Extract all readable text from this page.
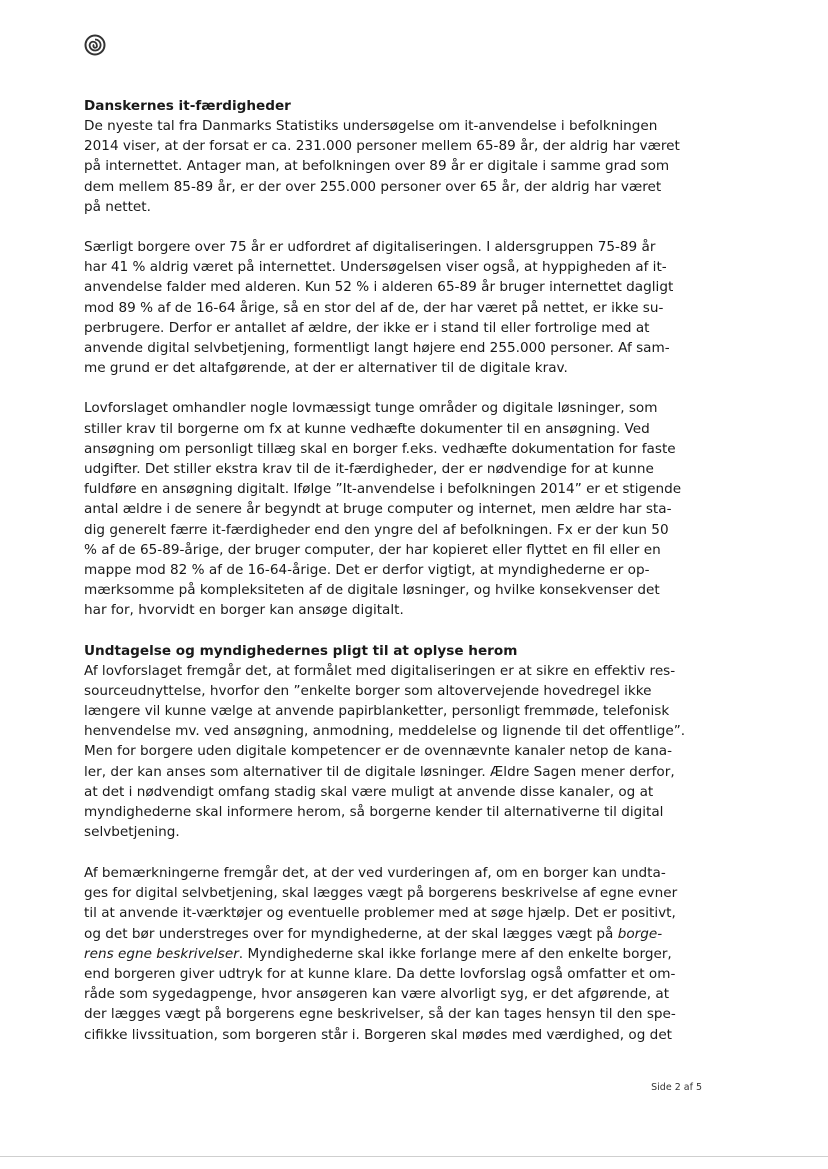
Danskernes it-færdigheder

De nyeste tal fra Danmarks Statistiks undersøgelse om it-anvendelse i befolkningen
2014 viser, at der forsat er ca. 231.000 personer mellem 65-89 år, der aldrig har været
på internettet. Antager man, at befolkningen over 89 år er digitale i samme grad som
dem mellem 85-89 år, er der over 255.000 personer over 65 år, der aldrig har været
på nettet.

Særligt borgere over 75 år er udfordret af digitaliseringen. I aldersgruppen 75-89 år
har 41 % aldrig været på internettet. Undersøgelsen viser også, at hyppigheden af it-
anvendelse falder med alderen. Kun 52 % i alderen 65-89 år bruger internettet dagligt
mod 89 % af de 16-64 årige, så en stor del af de, der har været på nettet, er ikke su-
perbrugere. Derfor er antallet af ældre, der ikke er i stand til eller fortrolige med at
anvende digital selvbetjening, formentligt langt højere end 255.000 personer. Af sam-
me grund er det altafgørende, at der er alternativer til de digitale krav.

Lovforslaget omhandler nogle lovmæssigt tunge områder og digitale løsninger, som
stiller krav til borgerne om fx at kunne vedhæfte dokumenter til en ansøgning. Ved
ansøgning om personligt tillæg skal en borger f.eks. vedhæfte dokumentation for faste
udgifter. Det stiller ekstra krav til de it-færdigheder, der er nødvendige for at kunne
fuldføre en ansøgning digitalt. Ifølge ”It-anvendelse i befolkningen 2014” er et stigende
antal ældre i de senere år begyndt at bruge computer og internet, men ældre har sta-
dig generelt færre it-færdigheder end den yngre del af befolkningen. Fx er der kun 50
% af de 65-89-årige, der bruger computer, der har kopieret eller flyttet en fil eller en
mappe mod 82 % af de 16-64-årige. Det er derfor vigtigt, at myndighederne er op-
mærksomme på kompleksiteten af de digitale løsninger, og hvilke konsekvenser det
har for, hvorvidt en borger kan ansøge digitalt.

Undtagelse og myndighedernes pligt til at oplyse herom

Af lovforslaget fremgår det, at formålet med digitaliseringen er at sikre en effektiv res-
sourceudnyttelse, hvorfor den ”enkelte borger som altovervejende hovedregel ikke
længere vil kunne vælge at anvende papirblanketter, personligt fremmøde, telefonisk
henvendelse mv. ved ansøgning, anmodning, meddelelse og lignende til det offentlige”.
Men for borgere uden digitale kompetencer er de ovennævnte kanaler netop de kana-
ler, der kan anses som alternativer til de digitale løsninger. Ældre Sagen mener derfor,
at det i nødvendigt omfang stadig skal være muligt at anvende disse kanaler, og at
myndighederne skal informere herom, så borgerne kender til alternativerne til digital
selvbetjening.

Af bemærkningerne fremgår det, at der ved vurderingen af, om en borger kan undta-
ges for digital selvbetjening, skal lægges vægt på borgerens beskrivelse af egne evner
til at anvende it-værktøjer og eventuelle problemer med at søge hjælp. Det er positivt,
og det bør understreges over for myndighederne, at der skal lægges vægt på borge-
rens egne beskrivelser. Myndighederne skal ikke forlange mere af den enkelte borger,
end borgeren giver udtryk for at kunne klare. Da dette lovforslag også omfatter et om-
råde som sygedagpenge, hvor ansøgeren kan være alvorligt syg, er det afgørende, at
der lægges vægt på borgerens egne beskrivelser, så der kan tages hensyn til den spe-
cifikke livssituation, som borgeren står i. Borgeren skal mødes med værdighed, og det

Side 2 af 5
